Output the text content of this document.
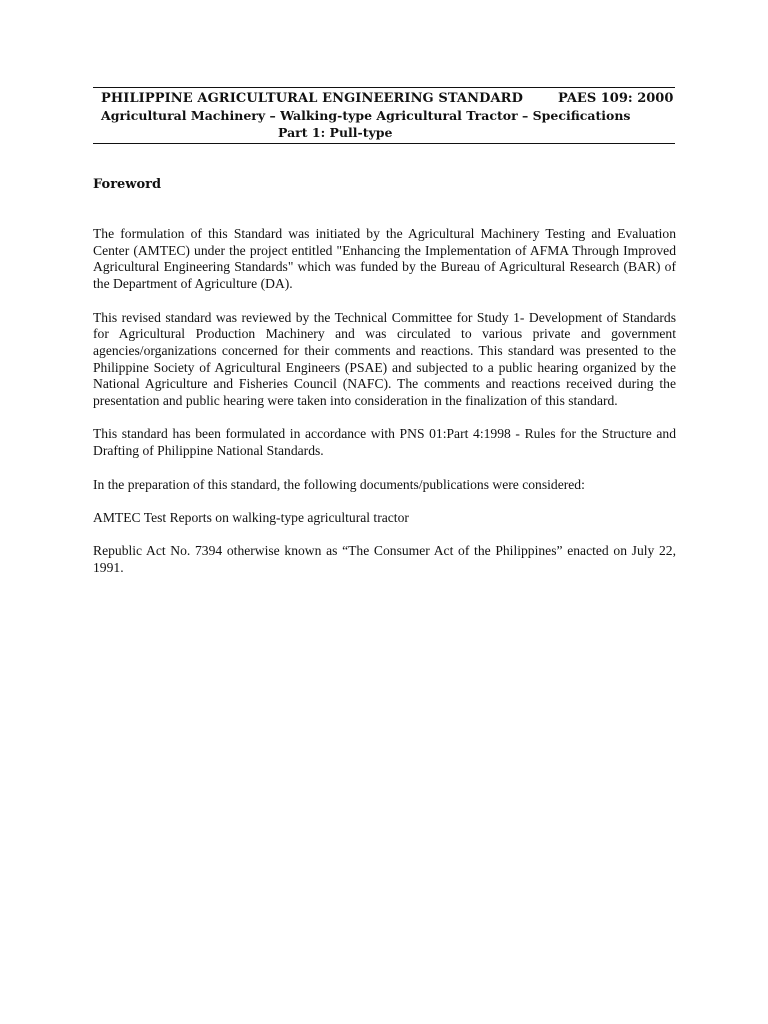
PHILIPPINE AGRICULTURAL ENGINEERING STANDARD	PAES 109: 2000
Agricultural Machinery – Walking-type Agricultural Tractor – Specifications
Part 1: Pull-type
Foreword

The formulation of this Standard was initiated by the Agricultural Machinery Testing and Evaluation Center (AMTEC) under the project entitled "Enhancing the Implementation of AFMA Through Improved Agricultural Engineering Standards" which was funded by the Bureau of Agricultural Research (BAR) of the Department of Agriculture (DA).

This revised standard was reviewed by the Technical Committee for Study 1- Development of Standards for Agricultural Production Machinery and was circulated to various private and government agencies/organizations concerned for their comments and reactions. This standard was presented to the Philippine Society of Agricultural Engineers (PSAE) and subjected to a public hearing organized by the National Agriculture and Fisheries Council (NAFC). The comments and reactions received during the presentation and public hearing were taken into consideration in the finalization of this standard.

This standard has been formulated in accordance with PNS 01:Part 4:1998 - Rules for the Structure and Drafting of Philippine National Standards.

In the preparation of this standard, the following documents/publications were considered:

AMTEC Test Reports on walking-type agricultural tractor

Republic Act No. 7394 otherwise known as “The Consumer Act of the Philippines” enacted on July 22, 1991.
